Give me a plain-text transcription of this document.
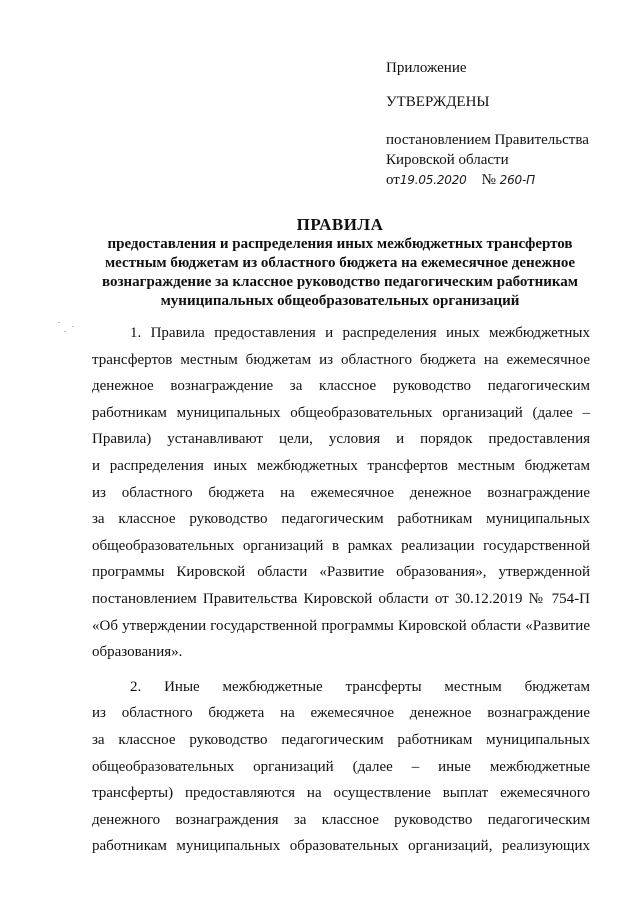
Приложение
УТВЕРЖДЕНЫ
постановлением Правительства
Кировской области
от19.05.2020 № 260-П
ПРАВИЛА
предоставления и распределения иных межбюджетных трансфертов
местным бюджетам из областного бюджета на ежемесячное денежное
вознаграждение за классное руководство педагогическим работникам
муниципальных общеобразовательных организаций
1. Правила предоставления и распределения иных межбюджетных
трансфертов местным бюджетам из областного бюджета на ежемесячное
денежное вознаграждение за классное руководство педагогическим
работникам муниципальных общеобразовательных организаций (далее –
Правила) устанавливают цели, условия и порядок предоставления
и распределения иных межбюджетных трансфертов местным бюджетам
из областного бюджета на ежемесячное денежное вознаграждение
за классное руководство педагогическим работникам муниципальных
общеобразовательных организаций в рамках реализации государственной
программы Кировской области «Развитие образования», утвержденной
постановлением Правительства Кировской области от 30.12.2019 № 754-П
«Об утверждении государственной программы Кировской области «Развитие
образования».
2. Иные межбюджетные трансферты местным бюджетам
из областного бюджета на ежемесячное денежное вознаграждение
за классное руководство педагогическим работникам муниципальных
общеобразовательных организаций (далее – иные межбюджетные
трансферты) предоставляются на осуществление выплат ежемесячного
денежного вознаграждения за классное руководство педагогическим
работникам муниципальных образовательных организаций, реализующих
